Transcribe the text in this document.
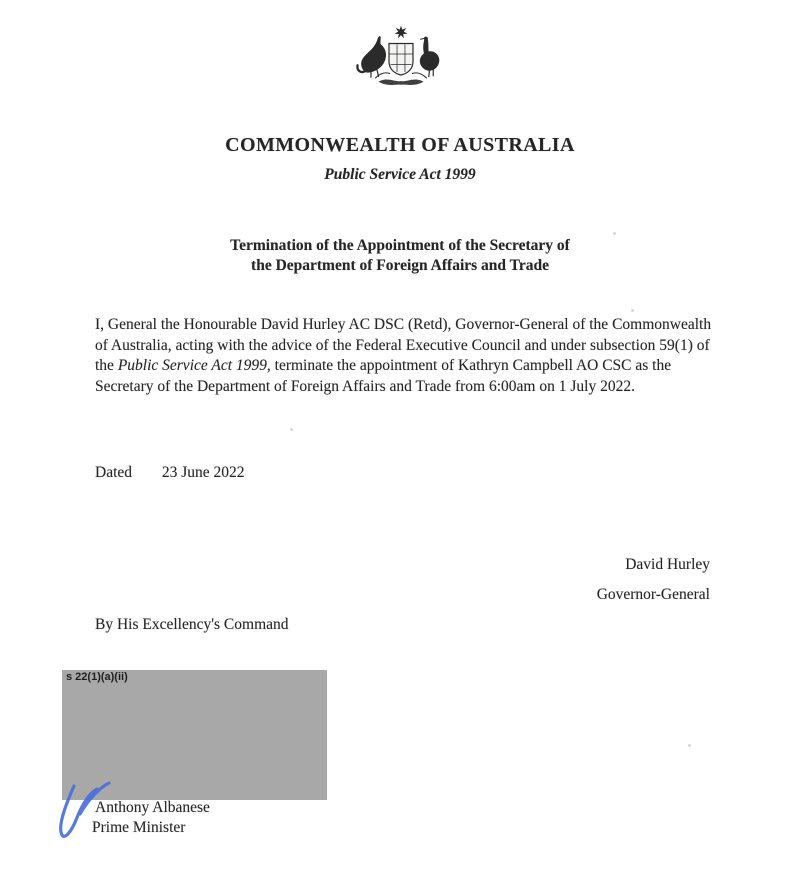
COMMONWEALTH OF AUSTRALIA
Public Service Act 1999
Termination of the Appointment of the Secretary of
the Department of Foreign Affairs and Trade

I, General the Honourable David Hurley AC DSC (Retd), Governor-General of the Commonwealth of Australia, acting with the advice of the Federal Executive Council and under subsection 59(1) of the Public Service Act 1999, terminate the appointment of Kathryn Campbell AO CSC as the Secretary of the Department of Foreign Affairs and Trade from 6:00am on 1 July 2022.

Dated 23 June 2022
David Hurley
Governor-General
By His Excellency's Command
s 22(1)(a)(ii)
Anthony Albanese
Prime Minister
